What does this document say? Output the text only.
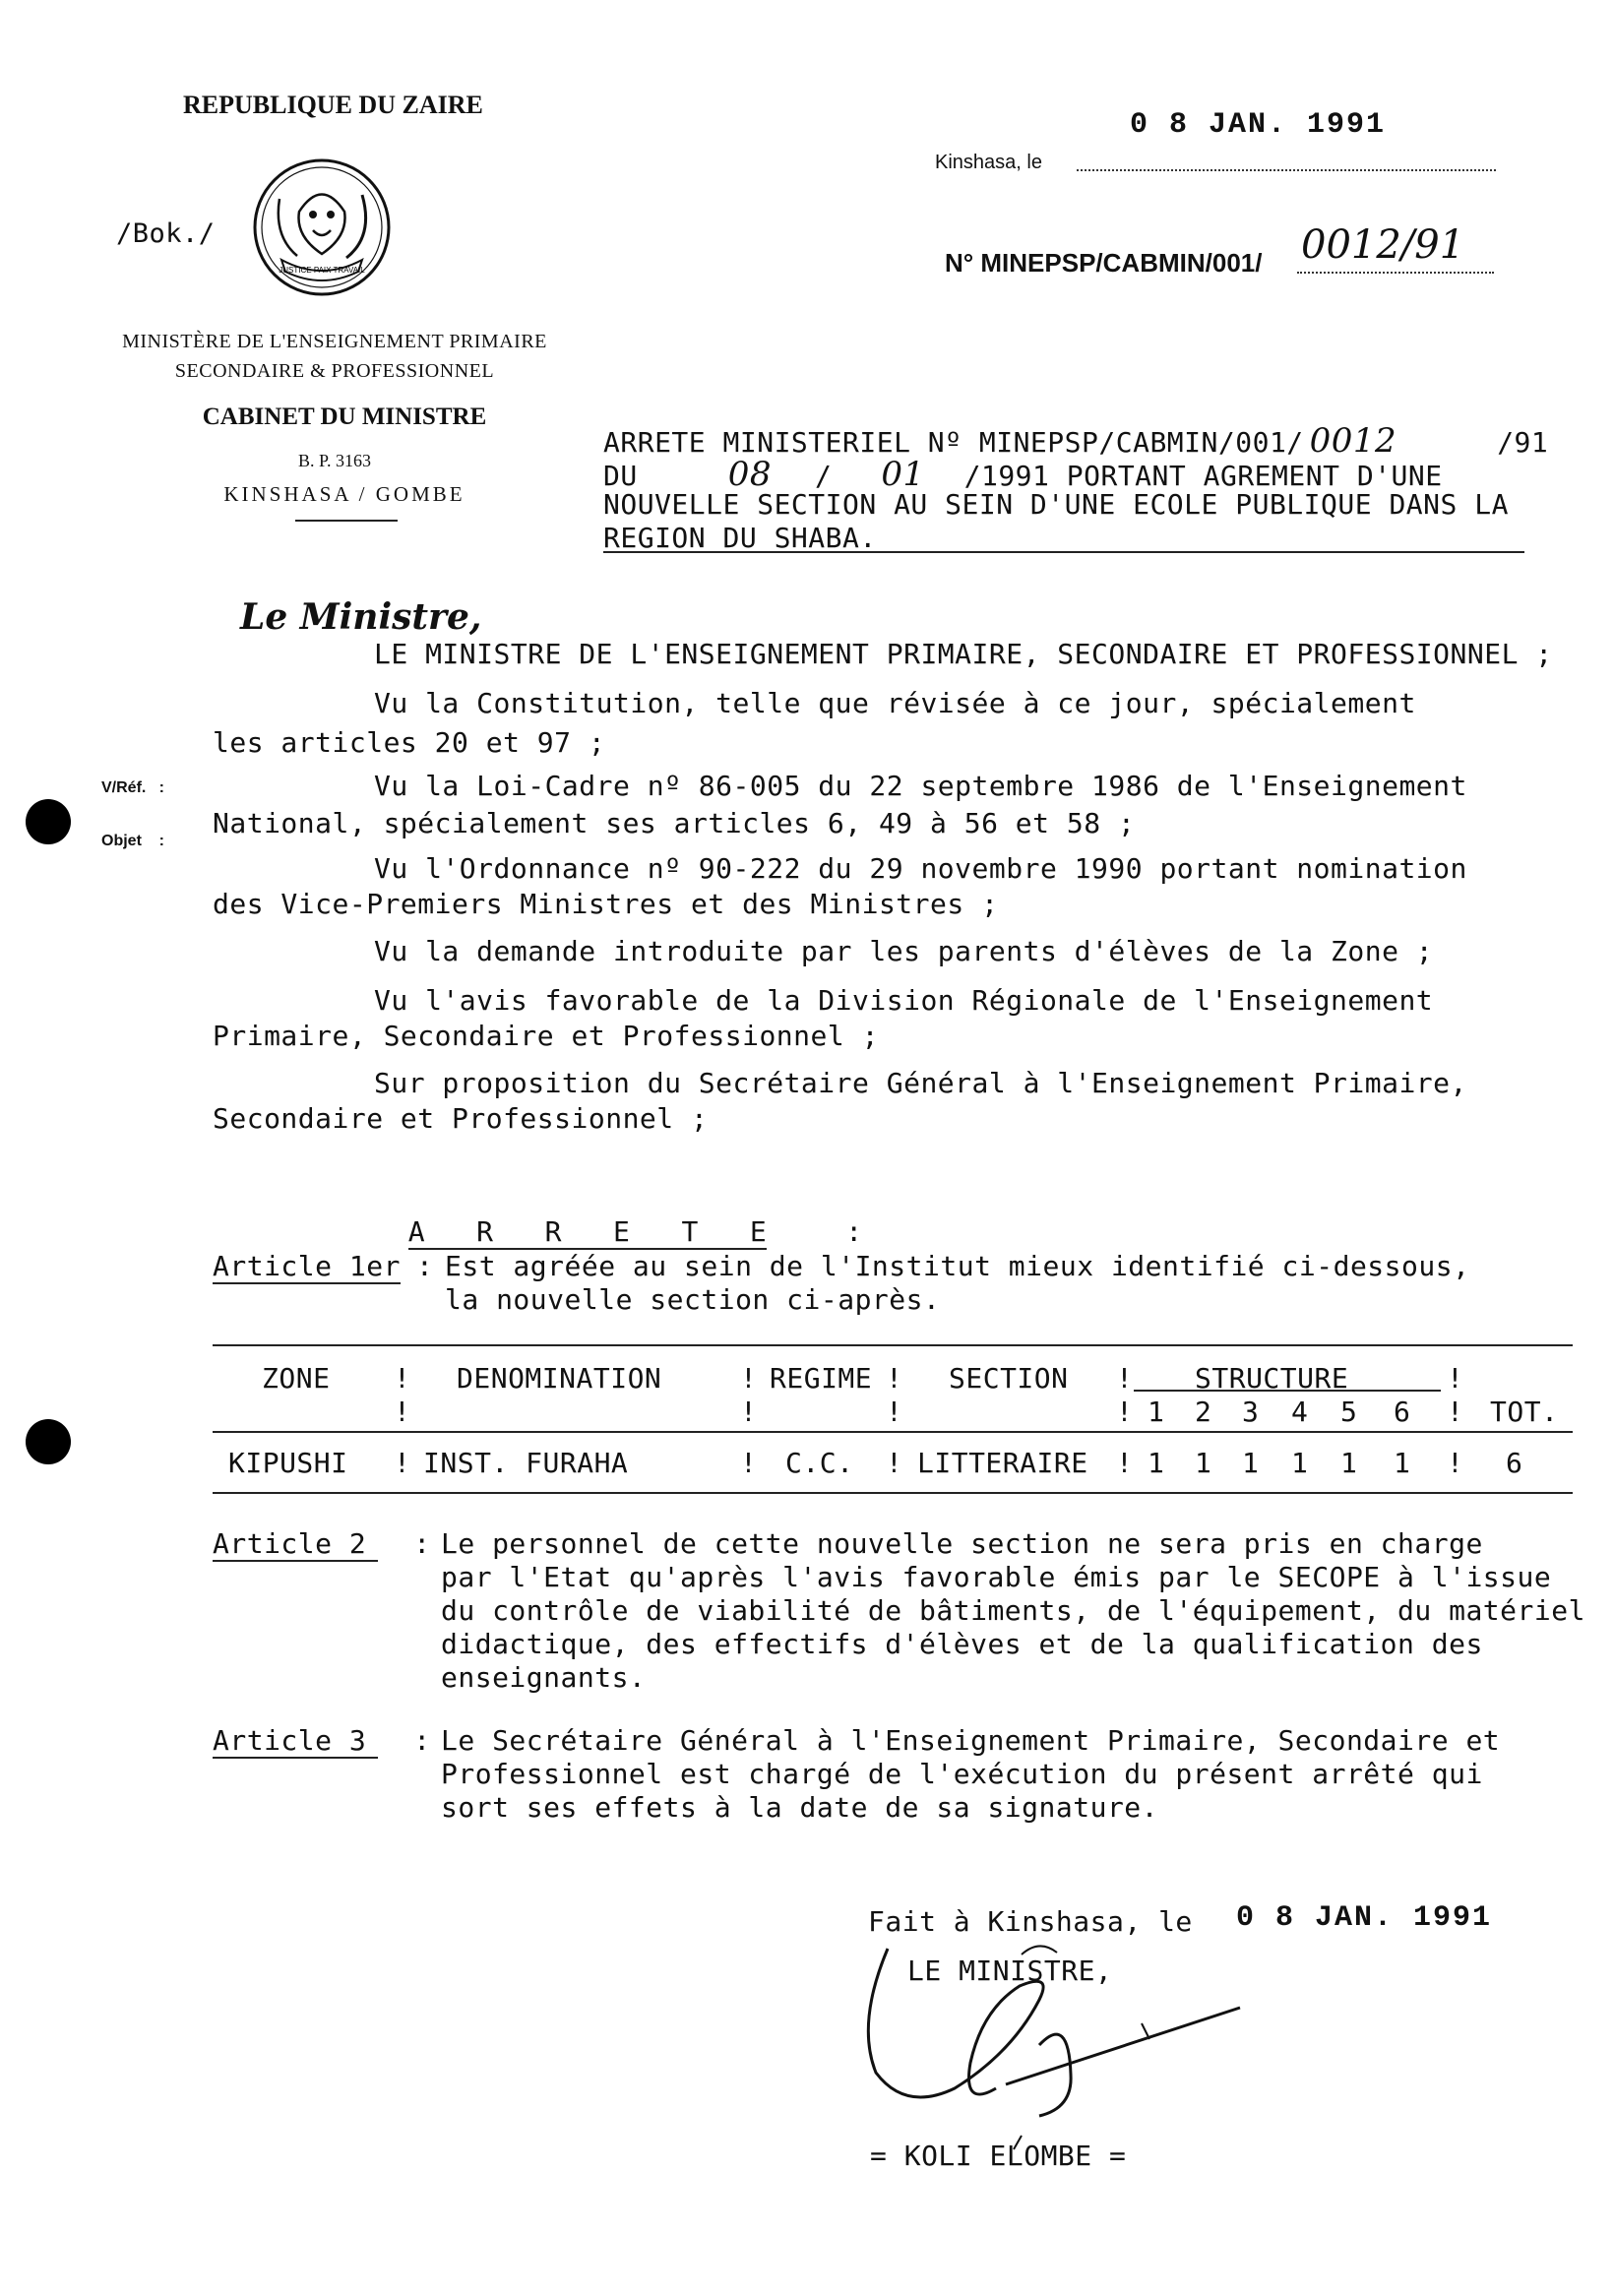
REPUBLIQUE DU ZAIRE
/Bok./
JUSTICE PAIX TRAVAIL
MINISTÈRE DE L'ENSEIGNEMENT PRIMAIRE
SECONDAIRE & PROFESSIONNEL
CABINET DU MINISTRE
B. P. 3163
KINSHASA / GOMBE
0 8 JAN. 1991
Kinshasa, le
N° MINEPSP/CABMIN/001/ 0012/91
V/Réf.   :
Objet    :
ARRETE MINISTERIEL Nº MINEPSP/CABMIN/001/ 0012	/91
DU	08 / 01 /1991 PORTANT AGREMENT D'UNE
NOUVELLE SECTION AU SEIN D'UNE ECOLE PUBLIQUE DANS LA
REGION DU SHABA.
Le Ministre,
LE MINISTRE DE L'ENSEIGNEMENT PRIMAIRE, SECONDAIRE ET PROFESSIONNEL ;
Vu la Constitution, telle que révisée à ce jour, spécialement
les articles 20 et 97 ;
Vu la Loi-Cadre nº 86-005 du 22 septembre 1986 de l'Enseignement
National, spécialement ses articles 6, 49 à 56 et 58 ;
Vu l'Ordonnance nº 90-222 du 29 novembre 1990 portant nomination
des Vice-Premiers Ministres et des Ministres ;
Vu la demande introduite par les parents d'élèves de la Zone ;
Vu l'avis favorable de la Division Régionale de l'Enseignement
Primaire, Secondaire et Professionnel ;
Sur proposition du Secrétaire Général à l'Enseignement Primaire,
Secondaire et Professionnel ;

A   R   R   E   T   E	:

Article 1er : Est agréée au sein de l'Institut mieux identifié ci-dessous,
la nouvelle section ci-après.
ZONE ! DENOMINATION	! REGIME ! SECTION ! STRUCTURE	!
!	!	!	! 1 2 3 4 5 6 ! TOT.
KIPUSHI ! INST. FURAHA	! C.C. ! LITTERAIRE ! 1 1 1 1 1 1 ! 6
Article 2 : Le personnel de cette nouvelle section ne sera pris en charge
par l'Etat qu'après l'avis favorable émis par le SECOPE à l'issue
du contrôle de viabilité de bâtiments, de l'équipement, du matériel
didactique, des effectifs d'élèves et de la qualification des
enseignants.
Article 3 : Le Secrétaire Général à l'Enseignement Primaire, Secondaire et
Professionnel est chargé de l'exécution du présent arrêté qui
sort ses effets à la date de sa signature.
Fait à Kinshasa, le 0 8 JAN. 1991
LE MINISTRE,
= KOLI ELOMBE =
